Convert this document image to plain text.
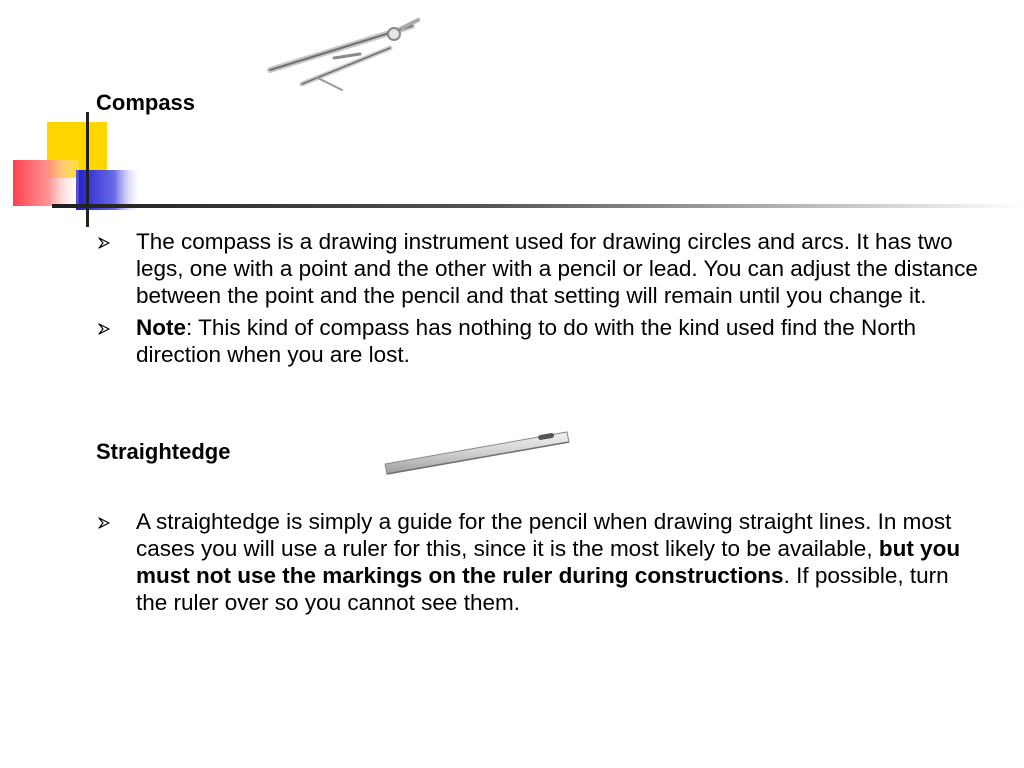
Compass
The compass is a drawing instrument used for drawing circles and arcs. It has two legs, one with a point and the other with a pencil or lead. You can adjust the distance between the point and the pencil and that setting will remain until you change it.
Note: This kind of compass has nothing to do with the kind used find the North direction when you are lost.
Straightedge
A straightedge is simply a guide for the pencil when drawing straight lines. In most cases you will use a ruler for this, since it is the most likely to be available, but you must not use the markings on the ruler during constructions. If possible, turn the ruler over so you cannot see them.
